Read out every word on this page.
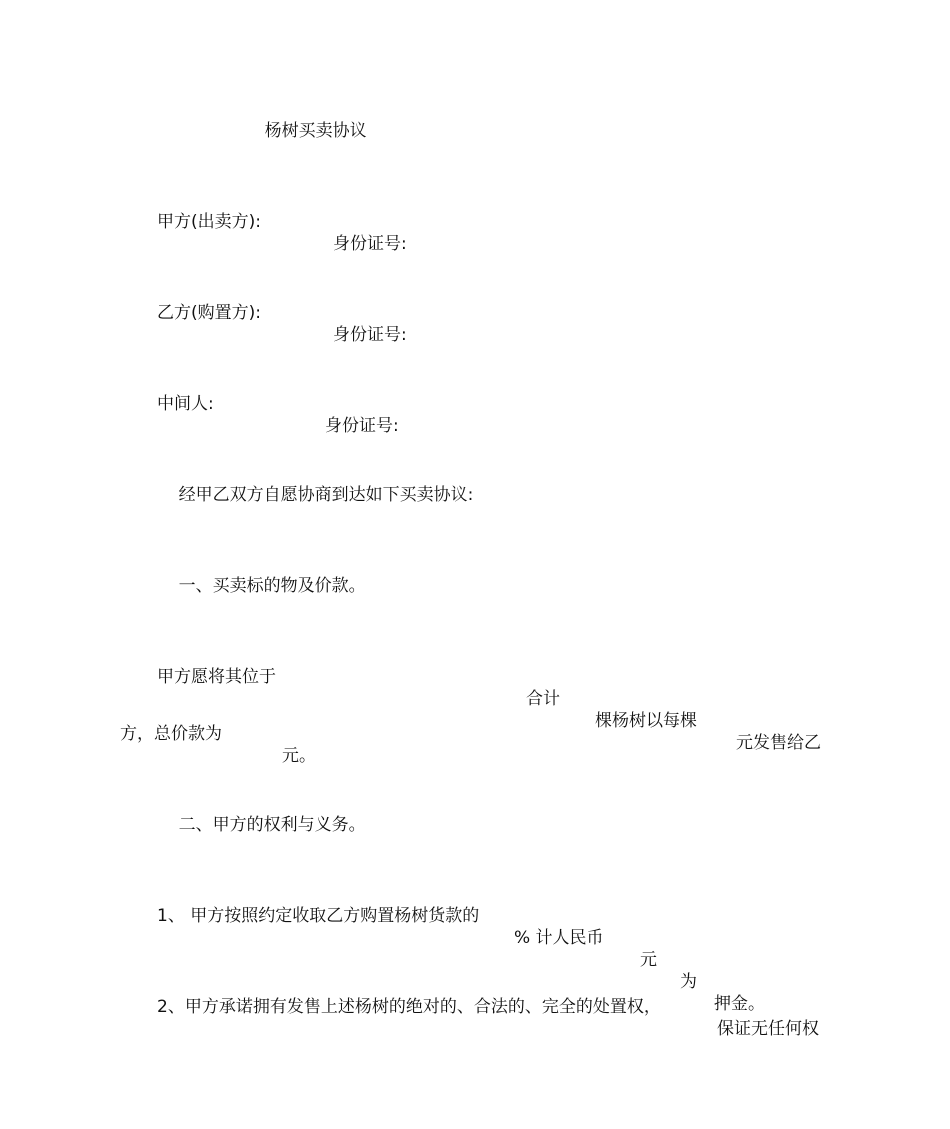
杨树买卖协议

甲方(出卖方):

身份证号:

乙方(购置方):

身份证号:

中间人:

身份证号:

经甲乙双方自愿协商到达如下买卖协议:

一、买卖标的物及价款。

甲方愿将其位于

合计

棵杨树以每棵

元发售给乙

方，总价款为

元。

二、甲方的权利与义务。

1、 甲方按照约定收取乙方购置杨树货款的

% 计人民币

元

为

押金。

2、甲方承诺拥有发售上述杨树的绝对的、合法的、完全的处置权，

保证无任何权
